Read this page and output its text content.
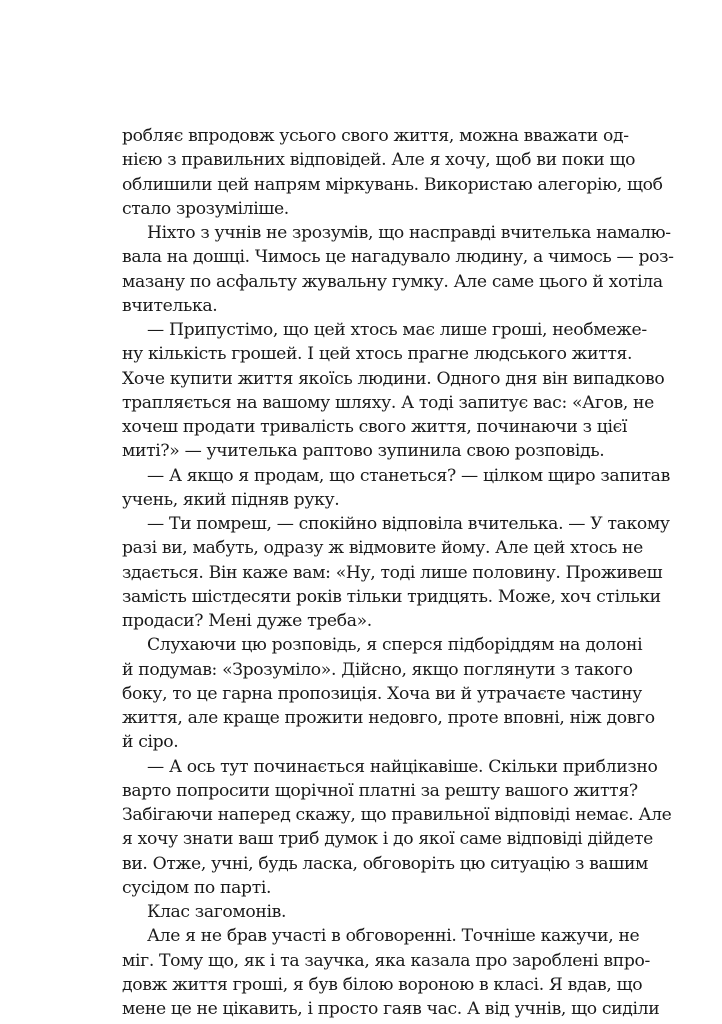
робляє впродовж усього свого життя, можна вважати од-
нією з правильних відповідей. Але я хочу, щоб ви поки що
облишили цей напрям міркувань. Використаю алегорію, щоб
стало зрозуміліше.
Ніхто з учнів не зрозумів, що насправді вчителька намалю-
вала на дошці. Чимось це нагадувало людину, а чимось — роз-
мазану по асфальту жувальну гумку. Але саме цього й хотіла
вчителька.
— Припустімо, що цей хтось має лише гроші, необмеже-
ну кількість грошей. І цей хтось прагне людського життя.
Хоче купити життя якоїсь людини. Одного дня він випадково
трапляється на вашому шляху. А тоді запитує вас: «Агов, не
хочеш продати тривалість свого життя, починаючи з цієї
миті?» — учителька раптово зупинила свою розповідь.
— А якщо я продам, що станеться? — цілком щиро запитав
учень, який підняв руку.
— Ти помреш, — спокійно відповіла вчителька. — У такому
разі ви, мабуть, одразу ж відмовите йому. Але цей хтось не
здається. Він каже вам: «Ну, тоді лише половину. Проживеш
замість шістдесяти років тільки тридцять. Може, хоч стільки
продаси? Мені дуже треба».
Слухаючи цю розповідь, я сперся підборіддям на долоні
й подумав: «Зрозуміло». Дійсно, якщо поглянути з такого
боку, то це гарна пропозиція. Хоча ви й утрачаєте частину
життя, але краще прожити недовго, проте вповні, ніж довго
й сіро.
— А ось тут починається найцікавіше. Скільки приблизно
варто попросити щорічної платні за решту вашого життя?
Забігаючи наперед скажу, що правильної відповіді немає. Але
я хочу знати ваш триб думок і до якої саме відповіді дійдете
ви. Отже, учні, будь ласка, обговоріть цю ситуацію з вашим
сусідом по парті.
Клас загомонів.
Але я не брав участі в обговоренні. Точніше кажучи, не
міг. Тому що, як і та заучка, яка казала про зароблені впро-
довж життя гроші, я був білою вороною в класі. Я вдав, що
мене це не цікавить, і просто гаяв час. А від учнів, що сиділи
